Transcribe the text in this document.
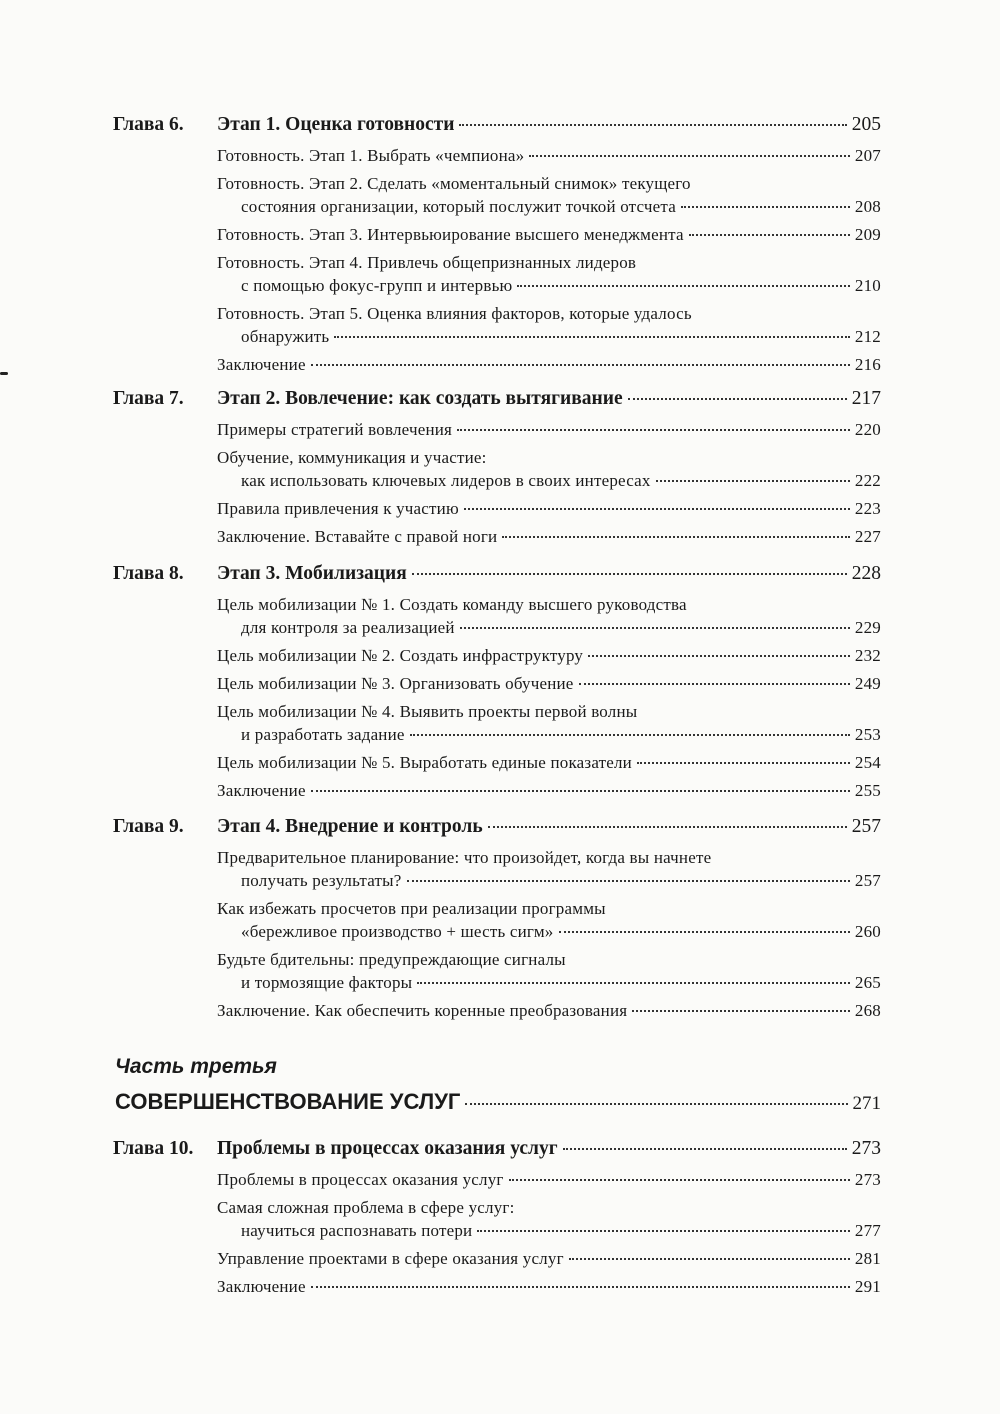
Глава 6.	Этап 1. Оценка готовности	205
Готовность. Этап 1. Выбрать «чемпиона»	207
Готовность. Этап 2. Сделать «моментальный снимок» текущего
состояния организации, который послужит точкой отсчета	208
Готовность. Этап 3. Интервьюирование высшего менеджмента	209
Готовность. Этап 4. Привлечь общепризнанных лидеров
с помощью фокус-групп и интервью	210
Готовность. Этап 5. Оценка влияния факторов, которые удалось
обнаружить	212
Заключение	216
Глава 7.	Этап 2. Вовлечение: как создать вытягивание	217
Примеры стратегий вовлечения	220
Обучение, коммуникация и участие:
как использовать ключевых лидеров в своих интересах	222
Правила привлечения к участию	223
Заключение. Вставайте с правой ноги	227
Глава 8.	Этап 3. Мобилизация	228
Цель мобилизации № 1. Создать команду высшего руководства
для контроля за реализацией	229
Цель мобилизации № 2. Создать инфраструктуру	232
Цель мобилизации № 3. Организовать обучение	249
Цель мобилизации № 4. Выявить проекты первой волны
и разработать задание	253
Цель мобилизации № 5. Выработать единые показатели	254
Заключение	255
Глава 9.	Этап 4. Внедрение и контроль	257
Предварительное планирование: что произойдет, когда вы начнете
получать результаты?	257
Как избежать просчетов при реализации программы
«бережливое производство + шесть сигм»	260
Будьте бдительны: предупреждающие сигналы
и тормозящие факторы	265
Заключение. Как обеспечить коренные преобразования	268
Часть третья
СОВЕРШЕНСТВОВАНИЕ УСЛУГ	271
Глава 10.	Проблемы в процессах оказания услуг	273
Проблемы в процессах оказания услуг	273
Самая сложная проблема в сфере услуг:
научиться распознавать потери	277
Управление проектами в сфере оказания услуг	281
Заключение	291
